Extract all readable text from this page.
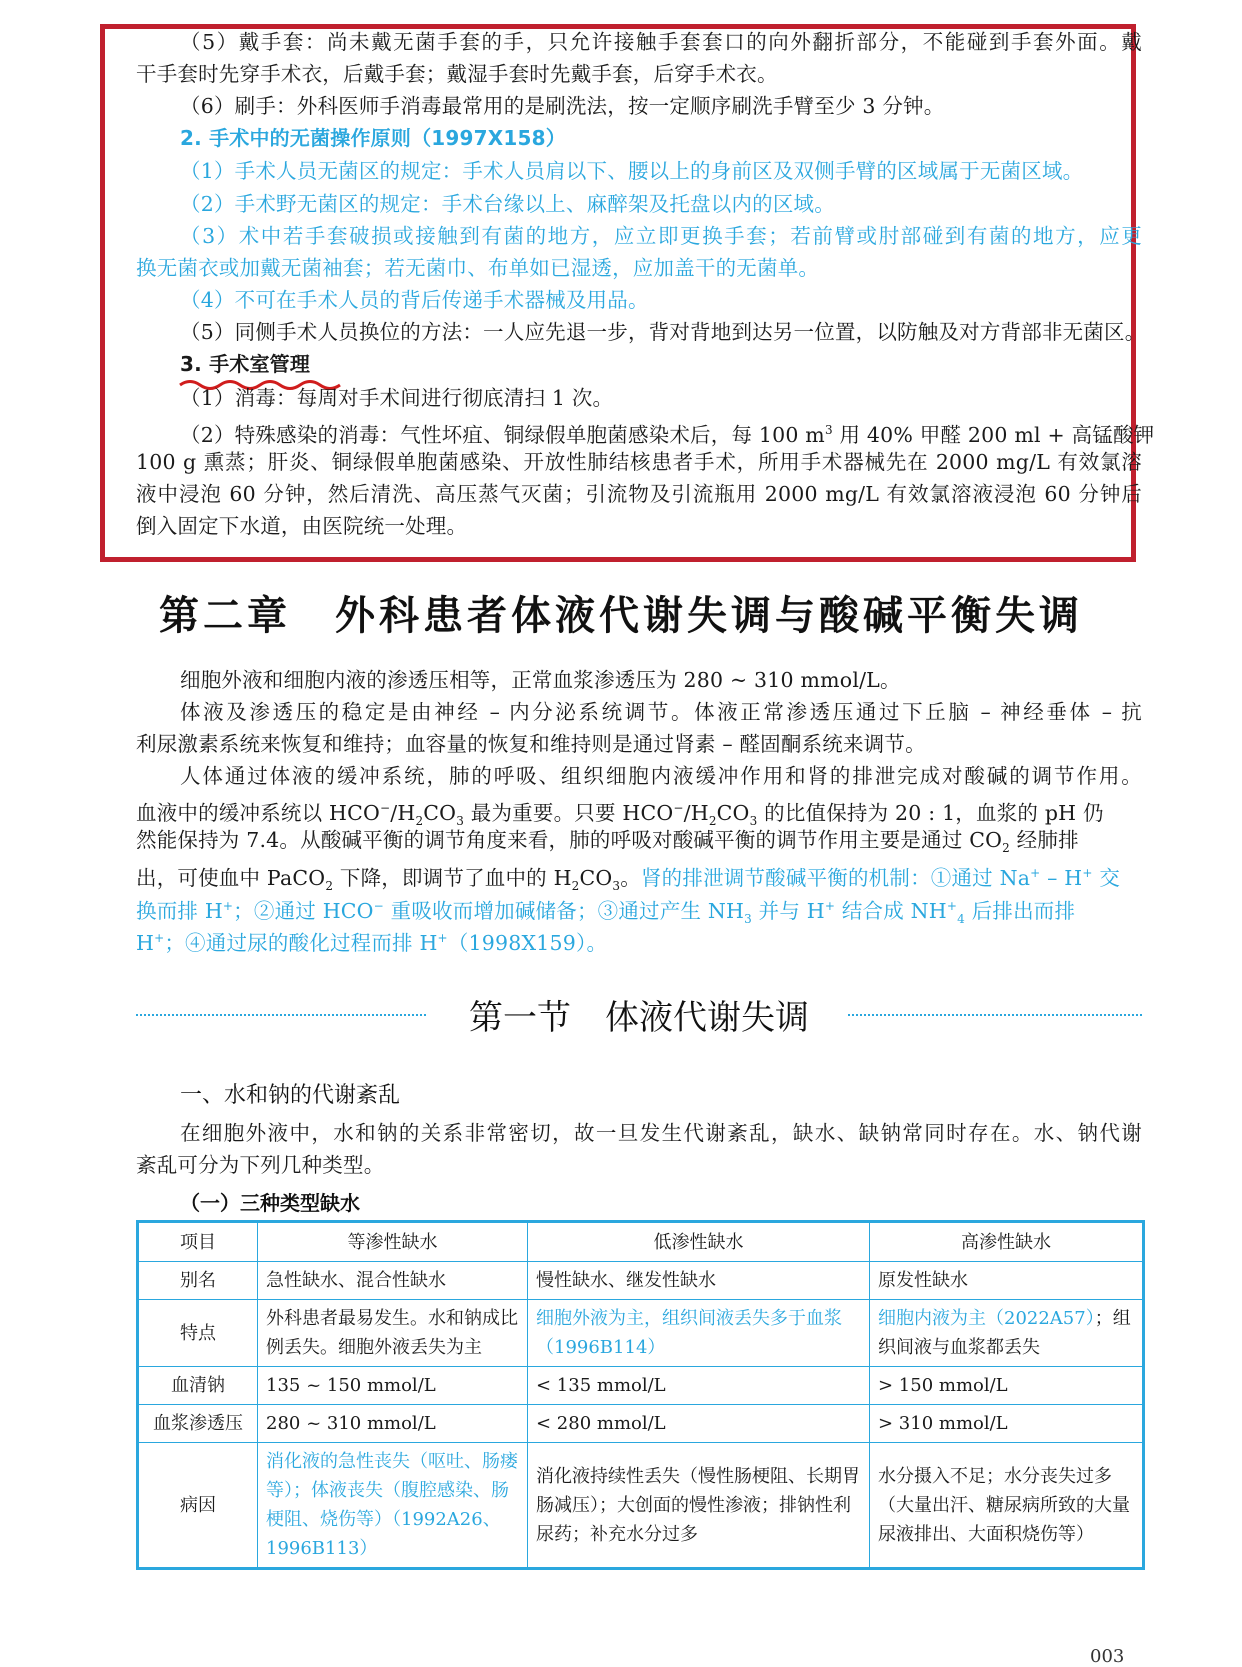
（5）戴手套：尚未戴无菌手套的手，只允许接触手套套口的向外翻折部分，不能碰到手套外面。戴
干手套时先穿手术衣，后戴手套；戴湿手套时先戴手套，后穿手术衣。
（6）刷手：外科医师手消毒最常用的是刷洗法，按一定顺序刷洗手臂至少 3 分钟。
2. 手术中的无菌操作原则（1997X158）
（1）手术人员无菌区的规定：手术人员肩以下、腰以上的身前区及双侧手臂的区域属于无菌区域。
（2）手术野无菌区的规定：手术台缘以上、麻醉架及托盘以内的区域。
（3）术中若手套破损或接触到有菌的地方，应立即更换手套；若前臂或肘部碰到有菌的地方，应更
换无菌衣或加戴无菌袖套；若无菌巾、布单如已湿透，应加盖干的无菌单。
（4）不可在手术人员的背后传递手术器械及用品。
（5）同侧手术人员换位的方法：一人应先退一步，背对背地到达另一位置，以防触及对方背部非无菌区。
3. 手术室管理
（1）消毒：每周对手术间进行彻底清扫 1 次。
（2）特殊感染的消毒：气性坏疽、铜绿假单胞菌感染术后，每 100 $m^3$ 用 40% 甲醛 200 ml + 高锰酸钾
100 g 熏蒸；肝炎、铜绿假单胞菌感染、开放性肺结核患者手术，所用手术器械先在 2000 mg/L 有效氯溶
液中浸泡 60 分钟，然后清洗、高压蒸气灭菌；引流物及引流瓶用 2000 mg/L 有效氯溶液浸泡 60 分钟后
倒入固定下水道，由医院统一处理。
第二章　外科患者体液代谢失调与酸碱平衡失调
细胞外液和细胞内液的渗透压相等，正常血浆渗透压为 280 ~ 310 mmol/L。
体液及渗透压的稳定是由神经 – 内分泌系统调节。体液正常渗透压通过下丘脑 – 神经垂体 – 抗
利尿激素系统来恢复和维持；血容量的恢复和维持则是通过肾素 – 醛固酮系统来调节。
人体通过体液的缓冲系统，肺的呼吸、组织细胞内液缓冲作用和肾的排泄完成对酸碱的调节作用。
血液中的缓冲系统以 $HCO^-/H_2CO_3$ 最为重要。只要 $HCO^-/H_2CO_3$ 的比值保持为 20 : 1，血浆的 pH 仍
然能保持为 7.4。从酸碱平衡的调节角度来看，肺的呼吸对酸碱平衡的调节作用主要是通过 $CO_2$ 经肺排
出，可使血中 PaCO$_2$ 下降，即调节了血中的 $H_2CO_3$。肾的排泄调节酸碱平衡的机制：①通过 Na+ – H+ 交
换而排 H+；②通过 HCO− 重吸收而增加碱储备；③通过产生 $NH_3$ 并与 H+ 结合成 $NH^+_4$ 后排出而排
H+；④通过尿的酸化过程而排 H+（1998X159）。
第一节　体液代谢失调
一、水和钠的代谢紊乱
在细胞外液中，水和钠的关系非常密切，故一旦发生代谢紊乱，缺水、缺钠常同时存在。水、钠代谢
紊乱可分为下列几种类型。
（一）三种类型缺水
项目	等渗性缺水	低渗性缺水	高渗性缺水
别名	急性缺水、混合性缺水	慢性缺水、继发性缺水	原发性缺水
特点	外科患者最易发生。水和钠成比例丢失。细胞外液丢失为主	细胞外液为主，组织间液丢失多于血浆（1996B114）	细胞内液为主（2022A57）；组织间液与血浆都丢失
血清钠	135 ~ 150 mmol/L	< 135 mmol/L	> 150 mmol/L
血浆渗透压	280 ~ 310 mmol/L	< 280 mmol/L	> 310 mmol/L
病因	消化液的急性丧失（呕吐、肠瘘等）；体液丧失（腹腔感染、肠梗阻、烧伤等）（1992A26、1996B113）	消化液持续性丢失（慢性肠梗阻、长期胃肠减压）；大创面的慢性渗液；排钠性利尿药；补充水分过多	水分摄入不足；水分丧失过多（大量出汗、糖尿病所致的大量尿液排出、大面积烧伤等）
003
